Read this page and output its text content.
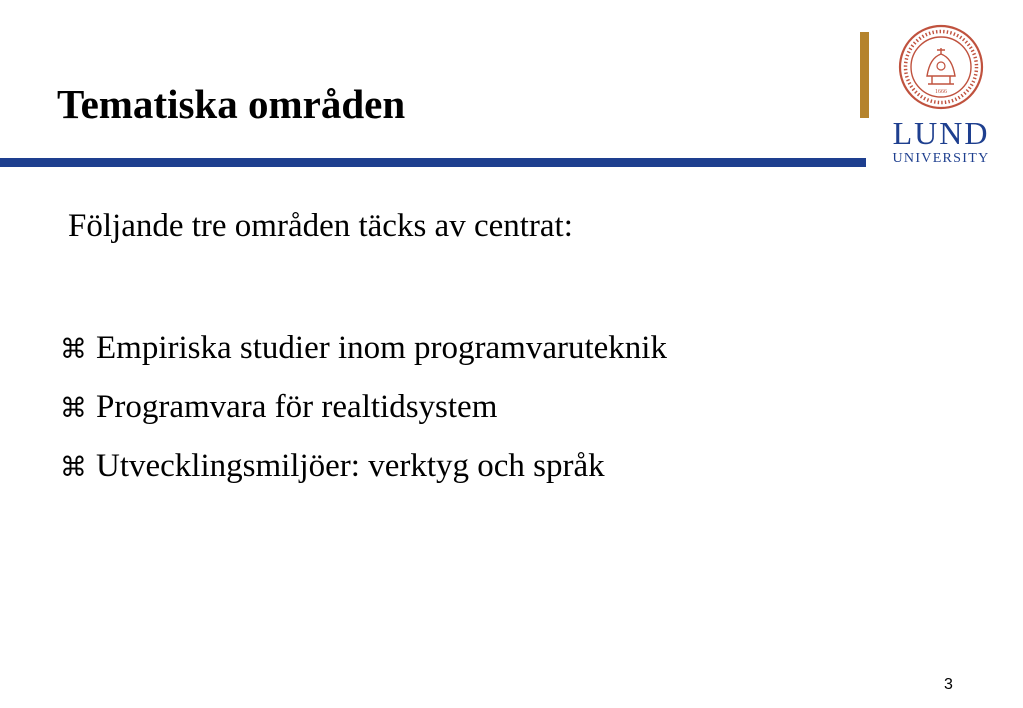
Tematiska områden	1666
LUND
UNIVERSITY
Följande tre områden täcks av centrat:
⌘ Empiriska studier inom programvaruteknik
⌘ Programvara för realtidsystem
⌘ Utvecklingsmiljöer: verktyg och språk
3
